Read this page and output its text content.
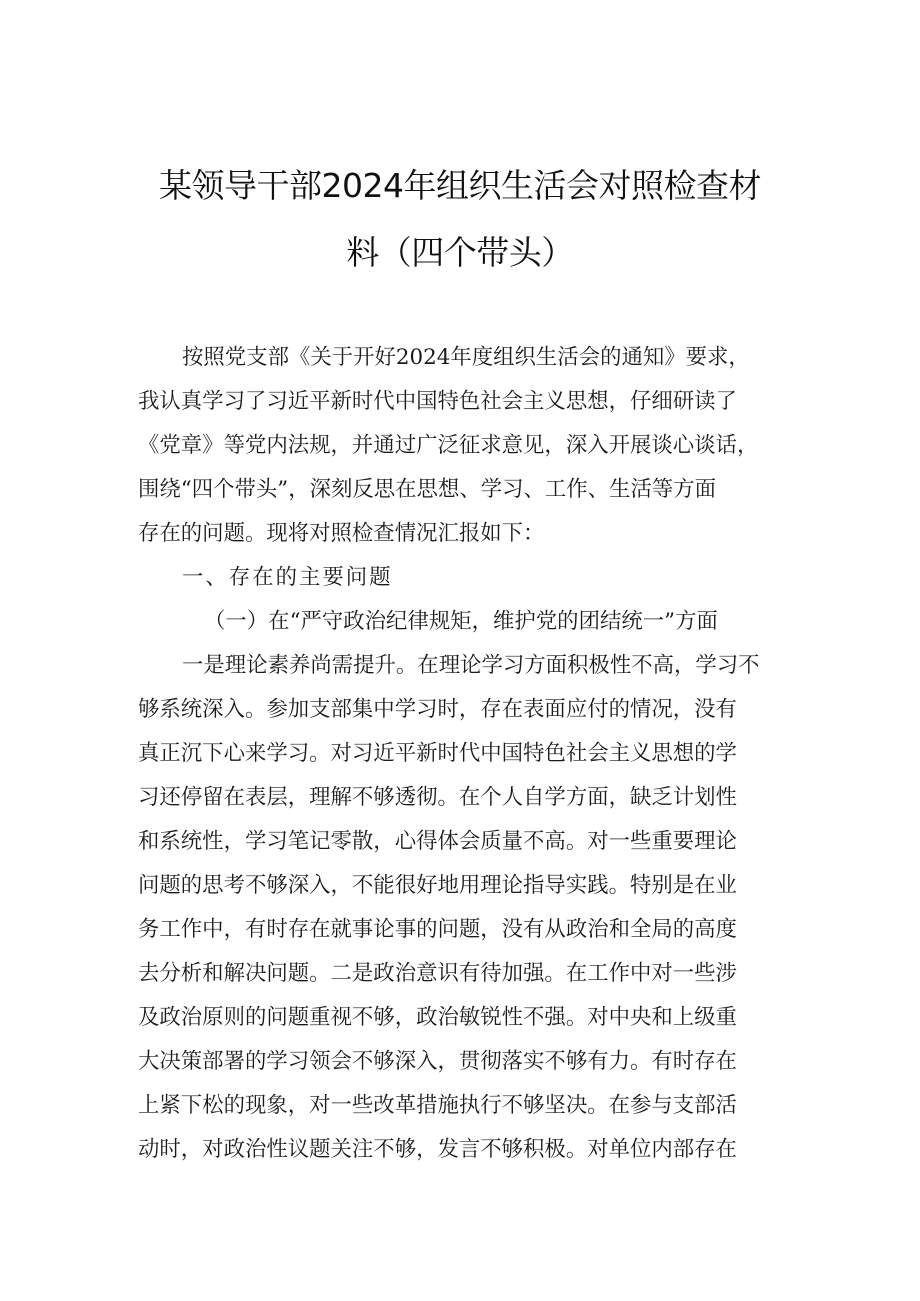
某领导干部2024年组织生活会对照检查材
料（四个带头）
按照党支部《关于开好2024年度组织生活会的通知》要求，
我认真学习了习近平新时代中国特色社会主义思想，仔细研读了
《党章》等党内法规，并通过广泛征求意见，深入开展谈心谈话，
围绕“四个带头”，深刻反思在思想、学习、工作、生活等方面
存在的问题。现将对照检查情况汇报如下：
一、存在的主要问题
（一）在“严守政治纪律规矩，维护党的团结统一”方面
一是理论素养尚需提升。在理论学习方面积极性不高，学习不
够系统深入。参加支部集中学习时，存在表面应付的情况，没有
真正沉下心来学习。对习近平新时代中国特色社会主义思想的学
习还停留在表层，理解不够透彻。在个人自学方面，缺乏计划性
和系统性，学习笔记零散，心得体会质量不高。对一些重要理论
问题的思考不够深入，不能很好地用理论指导实践。特别是在业
务工作中，有时存在就事论事的问题，没有从政治和全局的高度
去分析和解决问题。二是政治意识有待加强。在工作中对一些涉
及政治原则的问题重视不够，政治敏锐性不强。对中央和上级重
大决策部署的学习领会不够深入，贯彻落实不够有力。有时存在
上紧下松的现象，对一些改革措施执行不够坚决。在参与支部活
动时，对政治性议题关注不够，发言不够积极。对单位内部存在
